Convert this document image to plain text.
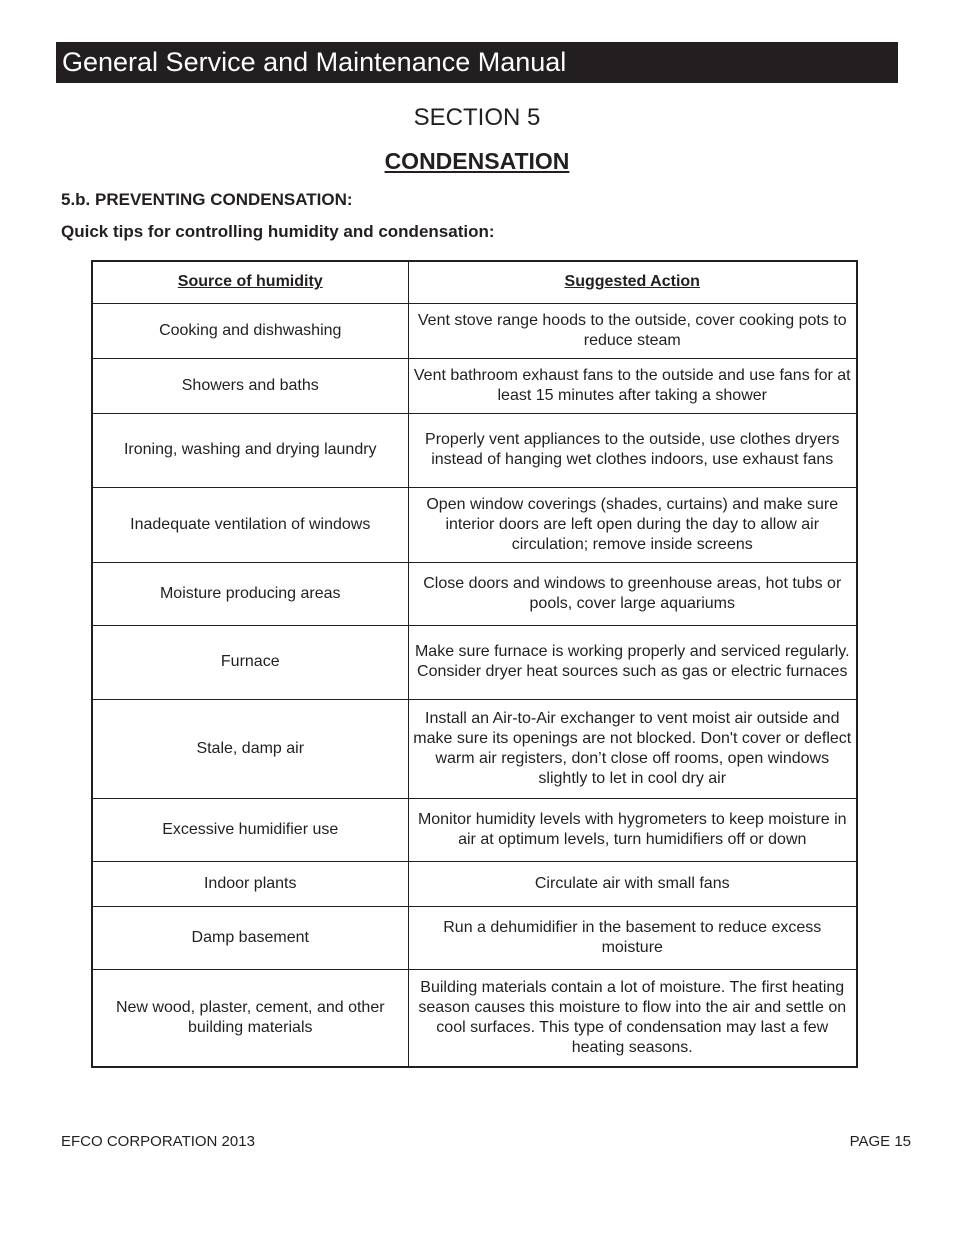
General Service and Maintenance Manual
SECTION 5
CONDENSATION
5.b. PREVENTING CONDENSATION:
Quick tips for controlling humidity and condensation:
Source of humidity	Suggested Action
Cooking and dishwashing	Vent stove range hoods to the outside, cover cooking pots to reduce steam
Showers and baths	Vent bathroom exhaust fans to the outside and use fans for at least 15 minutes after taking a shower
Ironing, washing and drying laundry	Properly vent appliances to the outside, use clothes dryers instead of hanging wet clothes indoors, use exhaust fans
Inadequate ventilation of windows	Open window coverings (shades, curtains) and make sure interior doors are left open during the day to allow air circulation; remove inside screens
Moisture producing areas	Close doors and windows to greenhouse areas, hot tubs or pools, cover large aquariums
Furnace	Make sure furnace is working properly and serviced regularly. Consider dryer heat sources such as gas or electric furnaces
Stale, damp air	Install an Air-to-Air exchanger to vent moist air outside and make sure its openings are not blocked. Don't cover or deflect warm air registers, don’t close off rooms, open windows slightly to let in cool dry air
Excessive humidifier use	Monitor humidity levels with hygrometers to keep moisture in air at optimum levels, turn humidifiers off or down
Indoor plants	Circulate air with small fans
Damp basement	Run a dehumidifier in the basement to reduce excess moisture
New wood, plaster, cement, and other building materials	Building materials contain a lot of moisture. The first heating season causes this moisture to flow into the air and settle on cool surfaces. This type of condensation may last a few heating seasons.
EFCO CORPORATION 2013	PAGE 15
